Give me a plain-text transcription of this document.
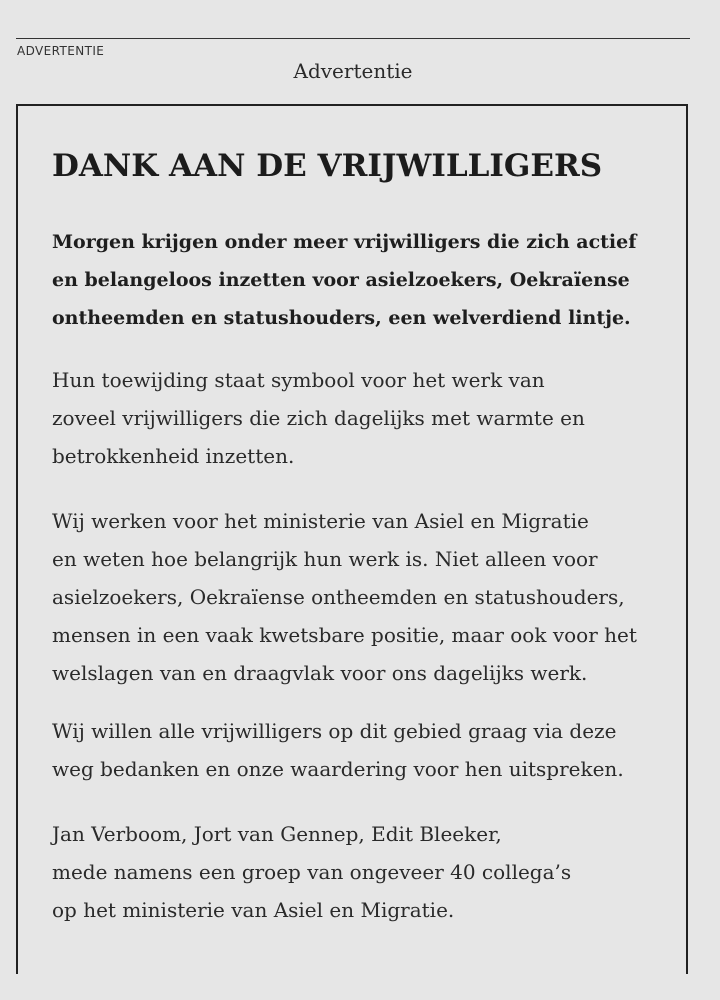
ADVERTENTIE
Advertentie
DANK AAN DE VRIJWILLIGERS
Morgen krijgen onder meer vrijwilligers die zich actief
en belangeloos inzetten voor asielzoekers, Oekraïense
ontheemden en statushouders, een welverdiend lintje.
Hun toewijding staat symbool voor het werk van
zoveel vrijwilligers die zich dagelijks met warmte en
betrokkenheid inzetten.
Wij werken voor het ministerie van Asiel en Migratie
en weten hoe belangrijk hun werk is. Niet alleen voor
asielzoekers, Oekraïense ontheemden en statushouders,
mensen in een vaak kwetsbare positie, maar ook voor het
welslagen van en draagvlak voor ons dagelijks werk.
Wij willen alle vrijwilligers op dit gebied graag via deze
weg bedanken en onze waardering voor hen uitspreken.
Jan Verboom, Jort van Gennep, Edit Bleeker,
mede namens een groep van ongeveer 40 collega’s
op het ministerie van Asiel en Migratie.
